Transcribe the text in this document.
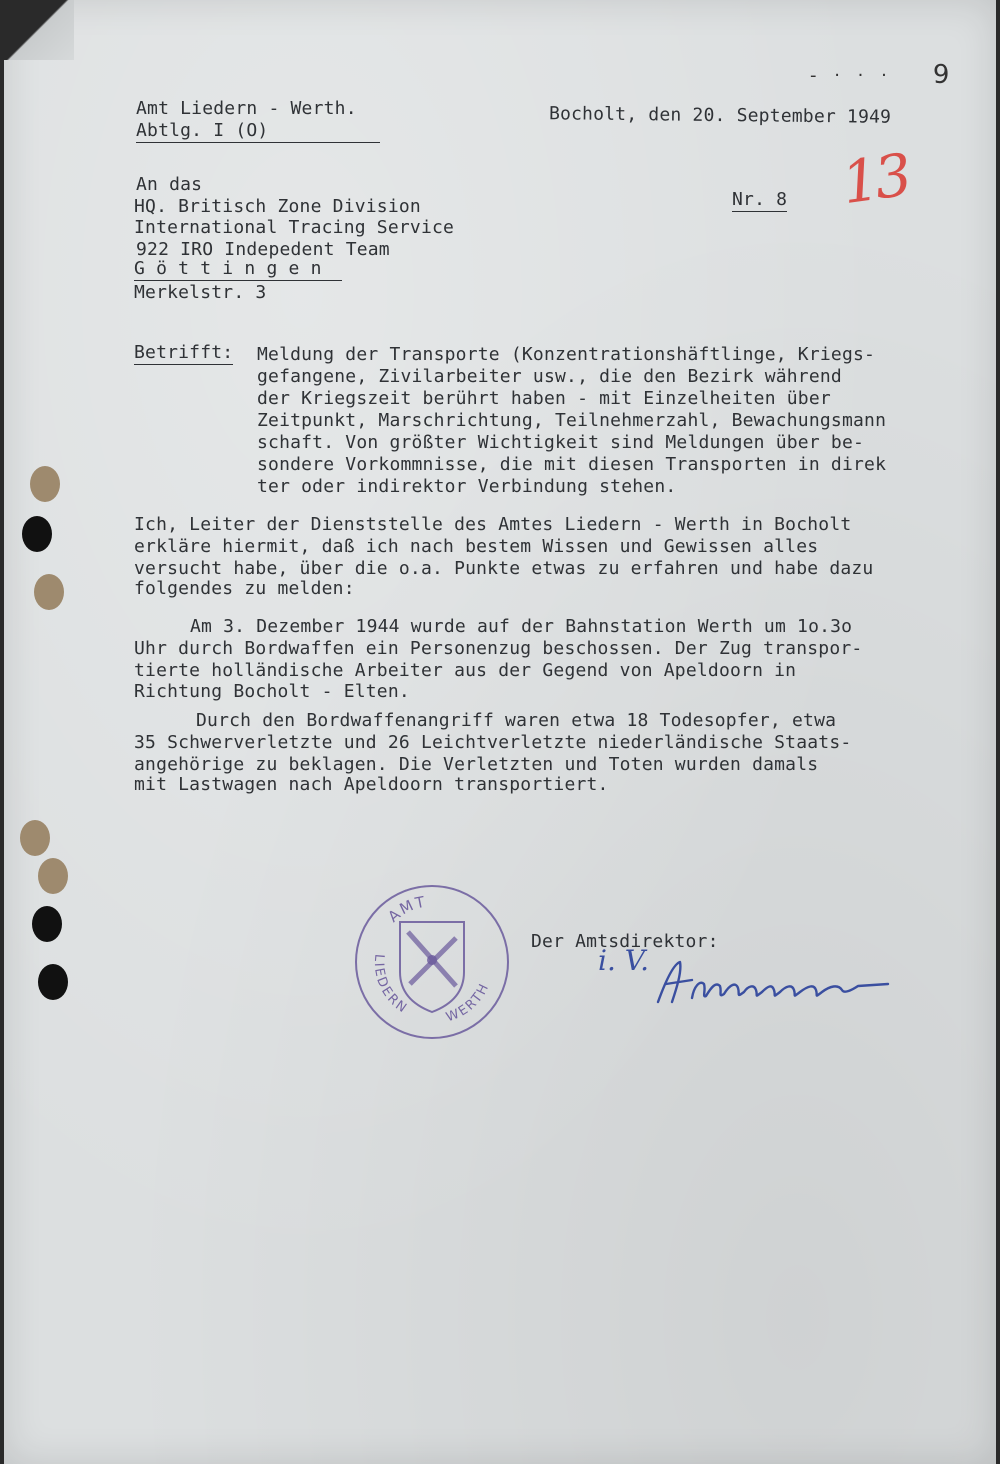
- · · · 9
13
Amt Liedern - Werth.
Abtlg. I (O)
Bocholt, den 20. September 1949
Nr. 8
An das
HQ. Britisch Zone Division
International Tracing Service
922 IRO Indepedent Team
G ö t t i n g e n
Merkelstr. 3
Betrifft: Meldung der Transporte (Konzentrationshäftlinge, Kriegs-
gefangene, Zivilarbeiter usw., die den Bezirk während
der Kriegszeit berührt haben - mit Einzelheiten über
Zeitpunkt, Marschrichtung, Teilnehmerzahl, Bewachungsmann
schaft. Von größter Wichtigkeit sind Meldungen über be-
sondere Vorkommnisse, die mit diesen Transporten in direk
ter oder indirektor Verbindung stehen.
Ich, Leiter der Dienststelle des Amtes Liedern - Werth in Bocholt
erkläre hiermit, daß ich nach bestem Wissen und Gewissen alles
versucht habe, über die o.a. Punkte etwas zu erfahren und habe dazu
folgendes zu melden:
Am 3. Dezember 1944 wurde auf der Bahnstation Werth um 1o.3o
Uhr durch Bordwaffen ein Personenzug beschossen. Der Zug transpor-
tierte holländische Arbeiter aus der Gegend von Apeldoorn in
Richtung Bocholt - Elten.
Durch den Bordwaffenangriff waren etwa 18 Todesopfer, etwa
35 Schwerverletzte und 26 Leichtverletzte niederländische Staats-
angehörige zu beklagen. Die Verletzten und Toten wurden damals
mit Lastwagen nach Apeldoorn transportiert.
AMT
LIEDERN	WERTH
Der Amtsdirektor:
i. V.
